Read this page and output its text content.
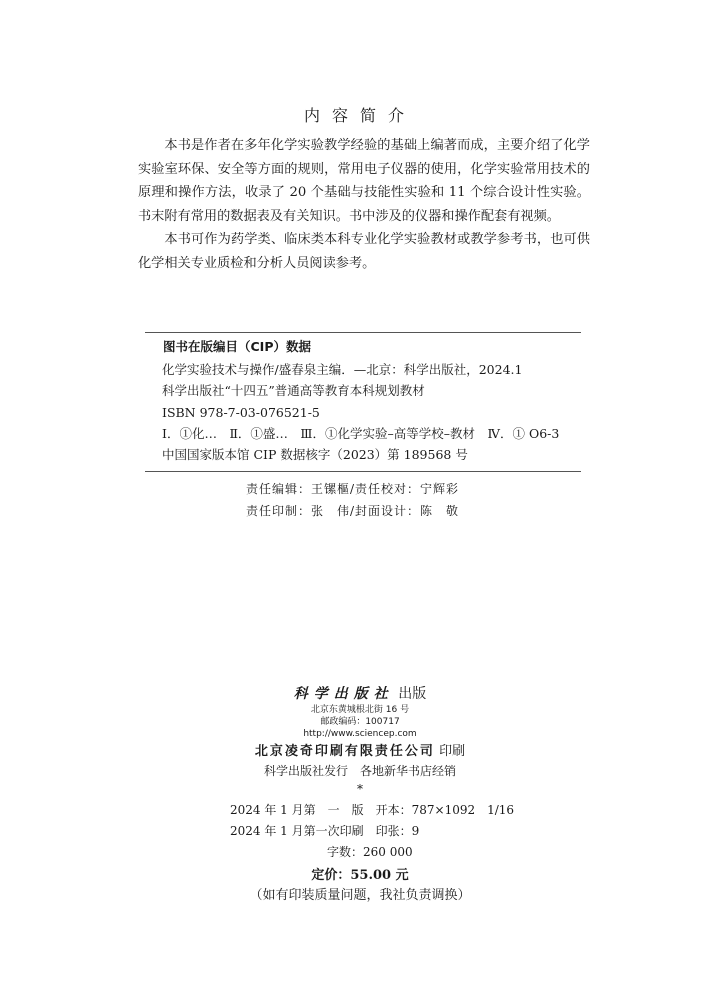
内容简介

本书是作者在多年化学实验教学经验的基础上编著而成，主要介绍了化学实验室环保、安全等方面的规则，常用电子仪器的使用，化学实验常用技术的原理和操作方法，收录了 20 个基础与技能性实验和 11 个综合设计性实验。书末附有常用的数据表及有关知识。书中涉及的仪器和操作配套有视频。

本书可作为药学类、临床类本科专业化学实验教材或教学参考书，也可供化学相关专业质检和分析人员阅读参考。

图书在版编目（CIP）数据
化学实验技术与操作/盛春泉主编．—北京：科学出版社，2024.1
科学出版社“十四五”普通高等教育本科规划教材
ISBN 978-7-03-076521-5
Ⅰ．①化…　Ⅱ．①盛…　Ⅲ．①化学实验–高等学校–教材　Ⅳ．① O6-3
中国国家版本馆 CIP 数据核字（2023）第 189568 号
责任编辑：王镙樞/责任校对：宁辉彩
责任印制：张　伟/封面设计：陈　敬
科学出版社 出版
北京东黄城根北街 16 号
邮政编码：100717
http://www.sciencep.com
北京凌奇印刷有限责任公司 印刷
科学出版社发行　各地新华书店经销
*
2024 年 1 月第　一　版　开本：787×1092　1/16
2024 年 1 月第一次印刷　印张：9
字数：260 000
定价：55.00 元
（如有印装质量问题，我社负责调换）
